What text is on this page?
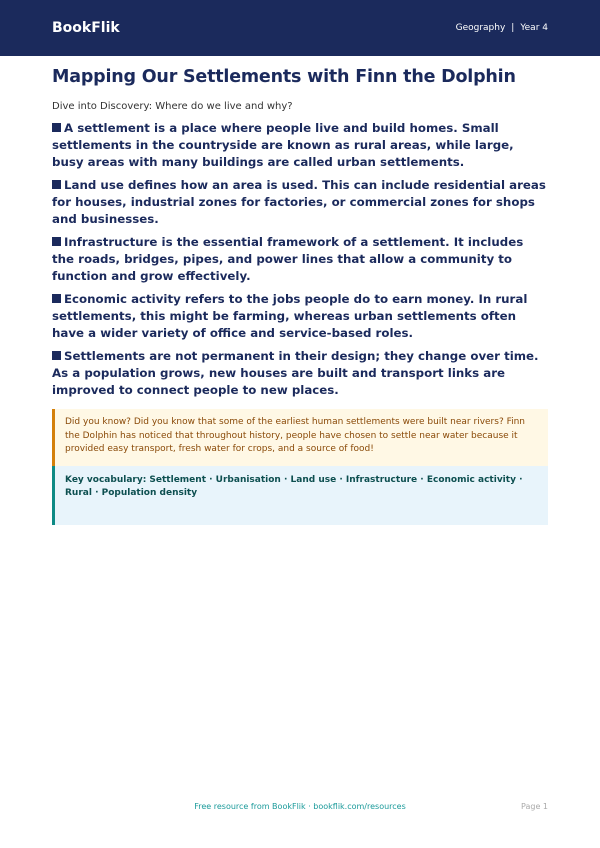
BookFlik	Geography | Year 4
Mapping Our Settlements with Finn the Dolphin

Dive into Discovery: Where do we live and why?

A settlement is a place where people live and build homes. Small settlements in the countryside are known as rural areas, while large, busy areas with many buildings are called urban settlements.

Land use defines how an area is used. This can include residential areas for houses, industrial zones for factories, or commercial zones for shops and businesses.

Infrastructure is the essential framework of a settlement. It includes the roads, bridges, pipes, and power lines that allow a community to function and grow effectively.

Economic activity refers to the jobs people do to earn money. In rural settlements, this might be farming, whereas urban settlements often have a wider variety of office and service-based roles.

Settlements are not permanent in their design; they change over time. As a population grows, new houses are built and transport links are improved to connect people to new places.

Did you know? Did you know that some of the earliest human settlements were built near rivers? Finn the Dolphin has noticed that throughout history, people have chosen to settle near water because it provided easy transport, fresh water for crops, and a source of food!
Key vocabulary: Settlement · Urbanisation · Land use · Infrastructure · Economic activity · Rural · Population density
Free resource from BookFlik · bookflik.com/resources	Page 1
